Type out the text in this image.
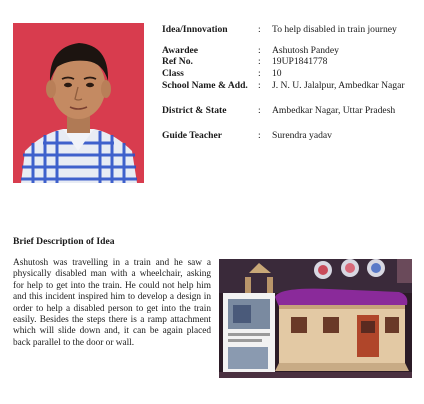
Idea/Innovation	: To help disabled in train journey
Awardee	: Ashutosh Pandey
Ref No.	: 19UP1841778
Class	: 10
School Name & Add. : J. N. U. Jalalpur, Ambedkar Nagar
District & State	: Ambedkar Nagar, Uttar Pradesh
Guide Teacher	: Surendra yadav
Brief Description of Idea

Ashutosh was travelling in a train and he saw a physically disabled man with a wheelchair, asking for help to get into the train. He could not help him and this incident inspired him to develop a design in order to help a disabled person to get into the train easily. Besides the steps there is a ramp attachment which will slide down and, it can be again placed back parallel to the door or wall.
